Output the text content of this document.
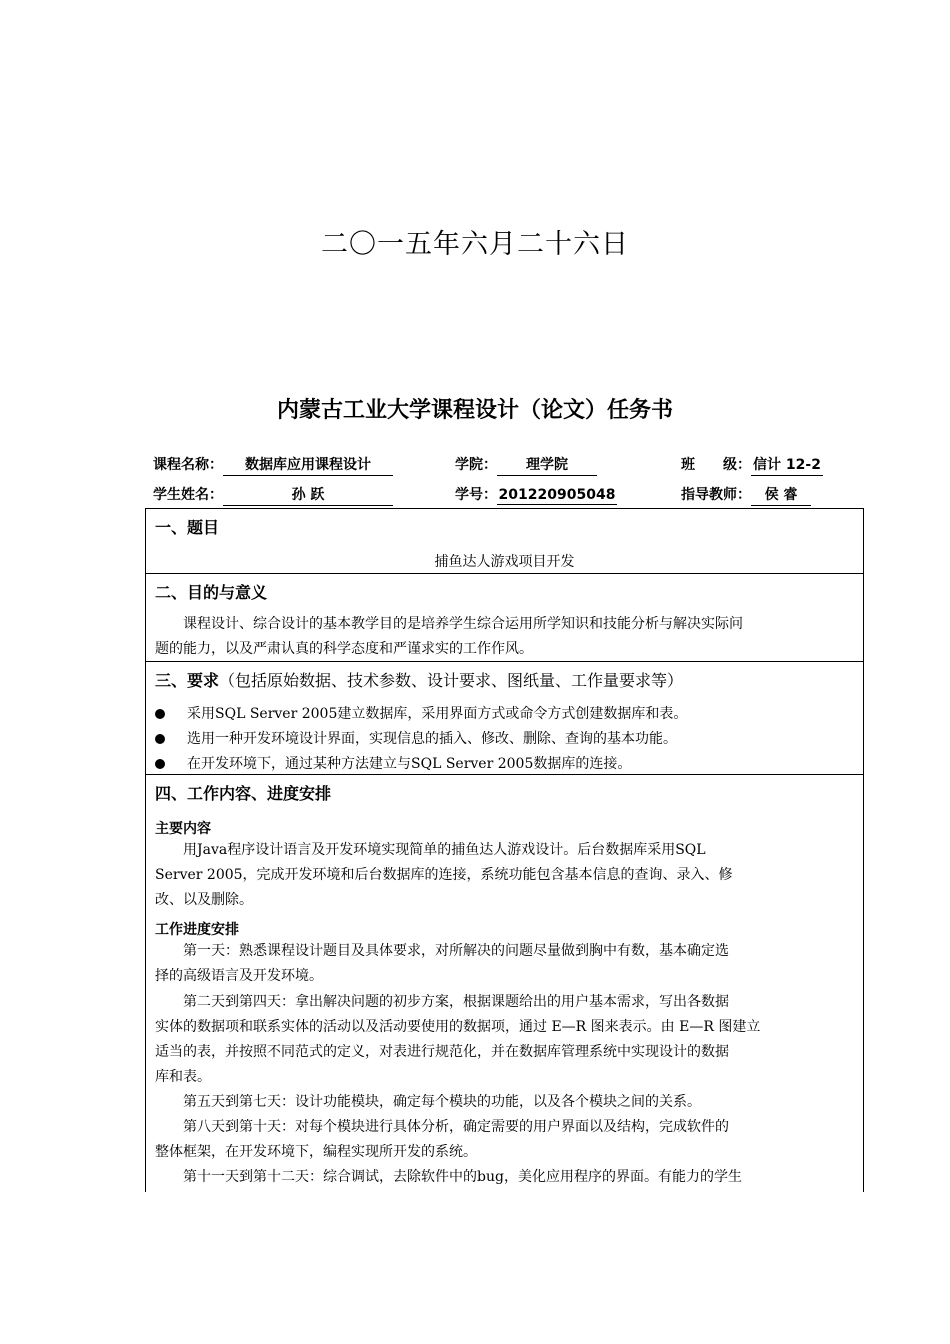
二〇一五年六月二十六日
内蒙古工业大学课程设计（论文）任务书
课程名称： 数据库应用课程设计	学院： 理学院	班　　级： 信计 12-2
学生姓名：	孙 跃	学号： 201220905048	指导教师： 侯 睿
一、题目
捕鱼达人游戏项目开发
二、目的与意义

课程设计、综合设计的基本教学目的是培养学生综合运用所学知识和技能分析与解决实际问

题的能力，以及严肃认真的科学态度和严谨求实的工作作风。

三、要求（包括原始数据、技术参数、设计要求、图纸量、工作量要求等）
采用SQL Server 2005建立数据库，采用界面方式或命令方式创建数据库和表。
选用一种开发环境设计界面，实现信息的插入、修改、删除、查询的基本功能。
在开发环境下，通过某种方法建立与SQL Server 2005数据库的连接。
四、工作内容、进度安排
主要内容

用Java程序设计语言及开发环境实现简单的捕鱼达人游戏设计。后台数据库采用SQL

Server 2005，完成开发环境和后台数据库的连接，系统功能包含基本信息的查询、录入、修

改、以及删除。

工作进度安排

第一天：熟悉课程设计题目及具体要求，对所解决的问题尽量做到胸中有数，基本确定选

择的高级语言及开发环境。

第二天到第四天：拿出解决问题的初步方案，根据课题给出的用户基本需求，写出各数据

实体的数据项和联系实体的活动以及活动要使用的数据项，通过 E—R 图来表示。由 E—R 图建立

适当的表，并按照不同范式的定义，对表进行规范化，并在数据库管理系统中实现设计的数据

库和表。

第五天到第七天：设计功能模块，确定每个模块的功能，以及各个模块之间的关系。

第八天到第十天：对每个模块进行具体分析，确定需要的用户界面以及结构，完成软件的

整体框架，在开发环境下，编程实现所开发的系统。

第十一天到第十二天：综合调试，去除软件中的bug，美化应用程序的界面。有能力的学生
